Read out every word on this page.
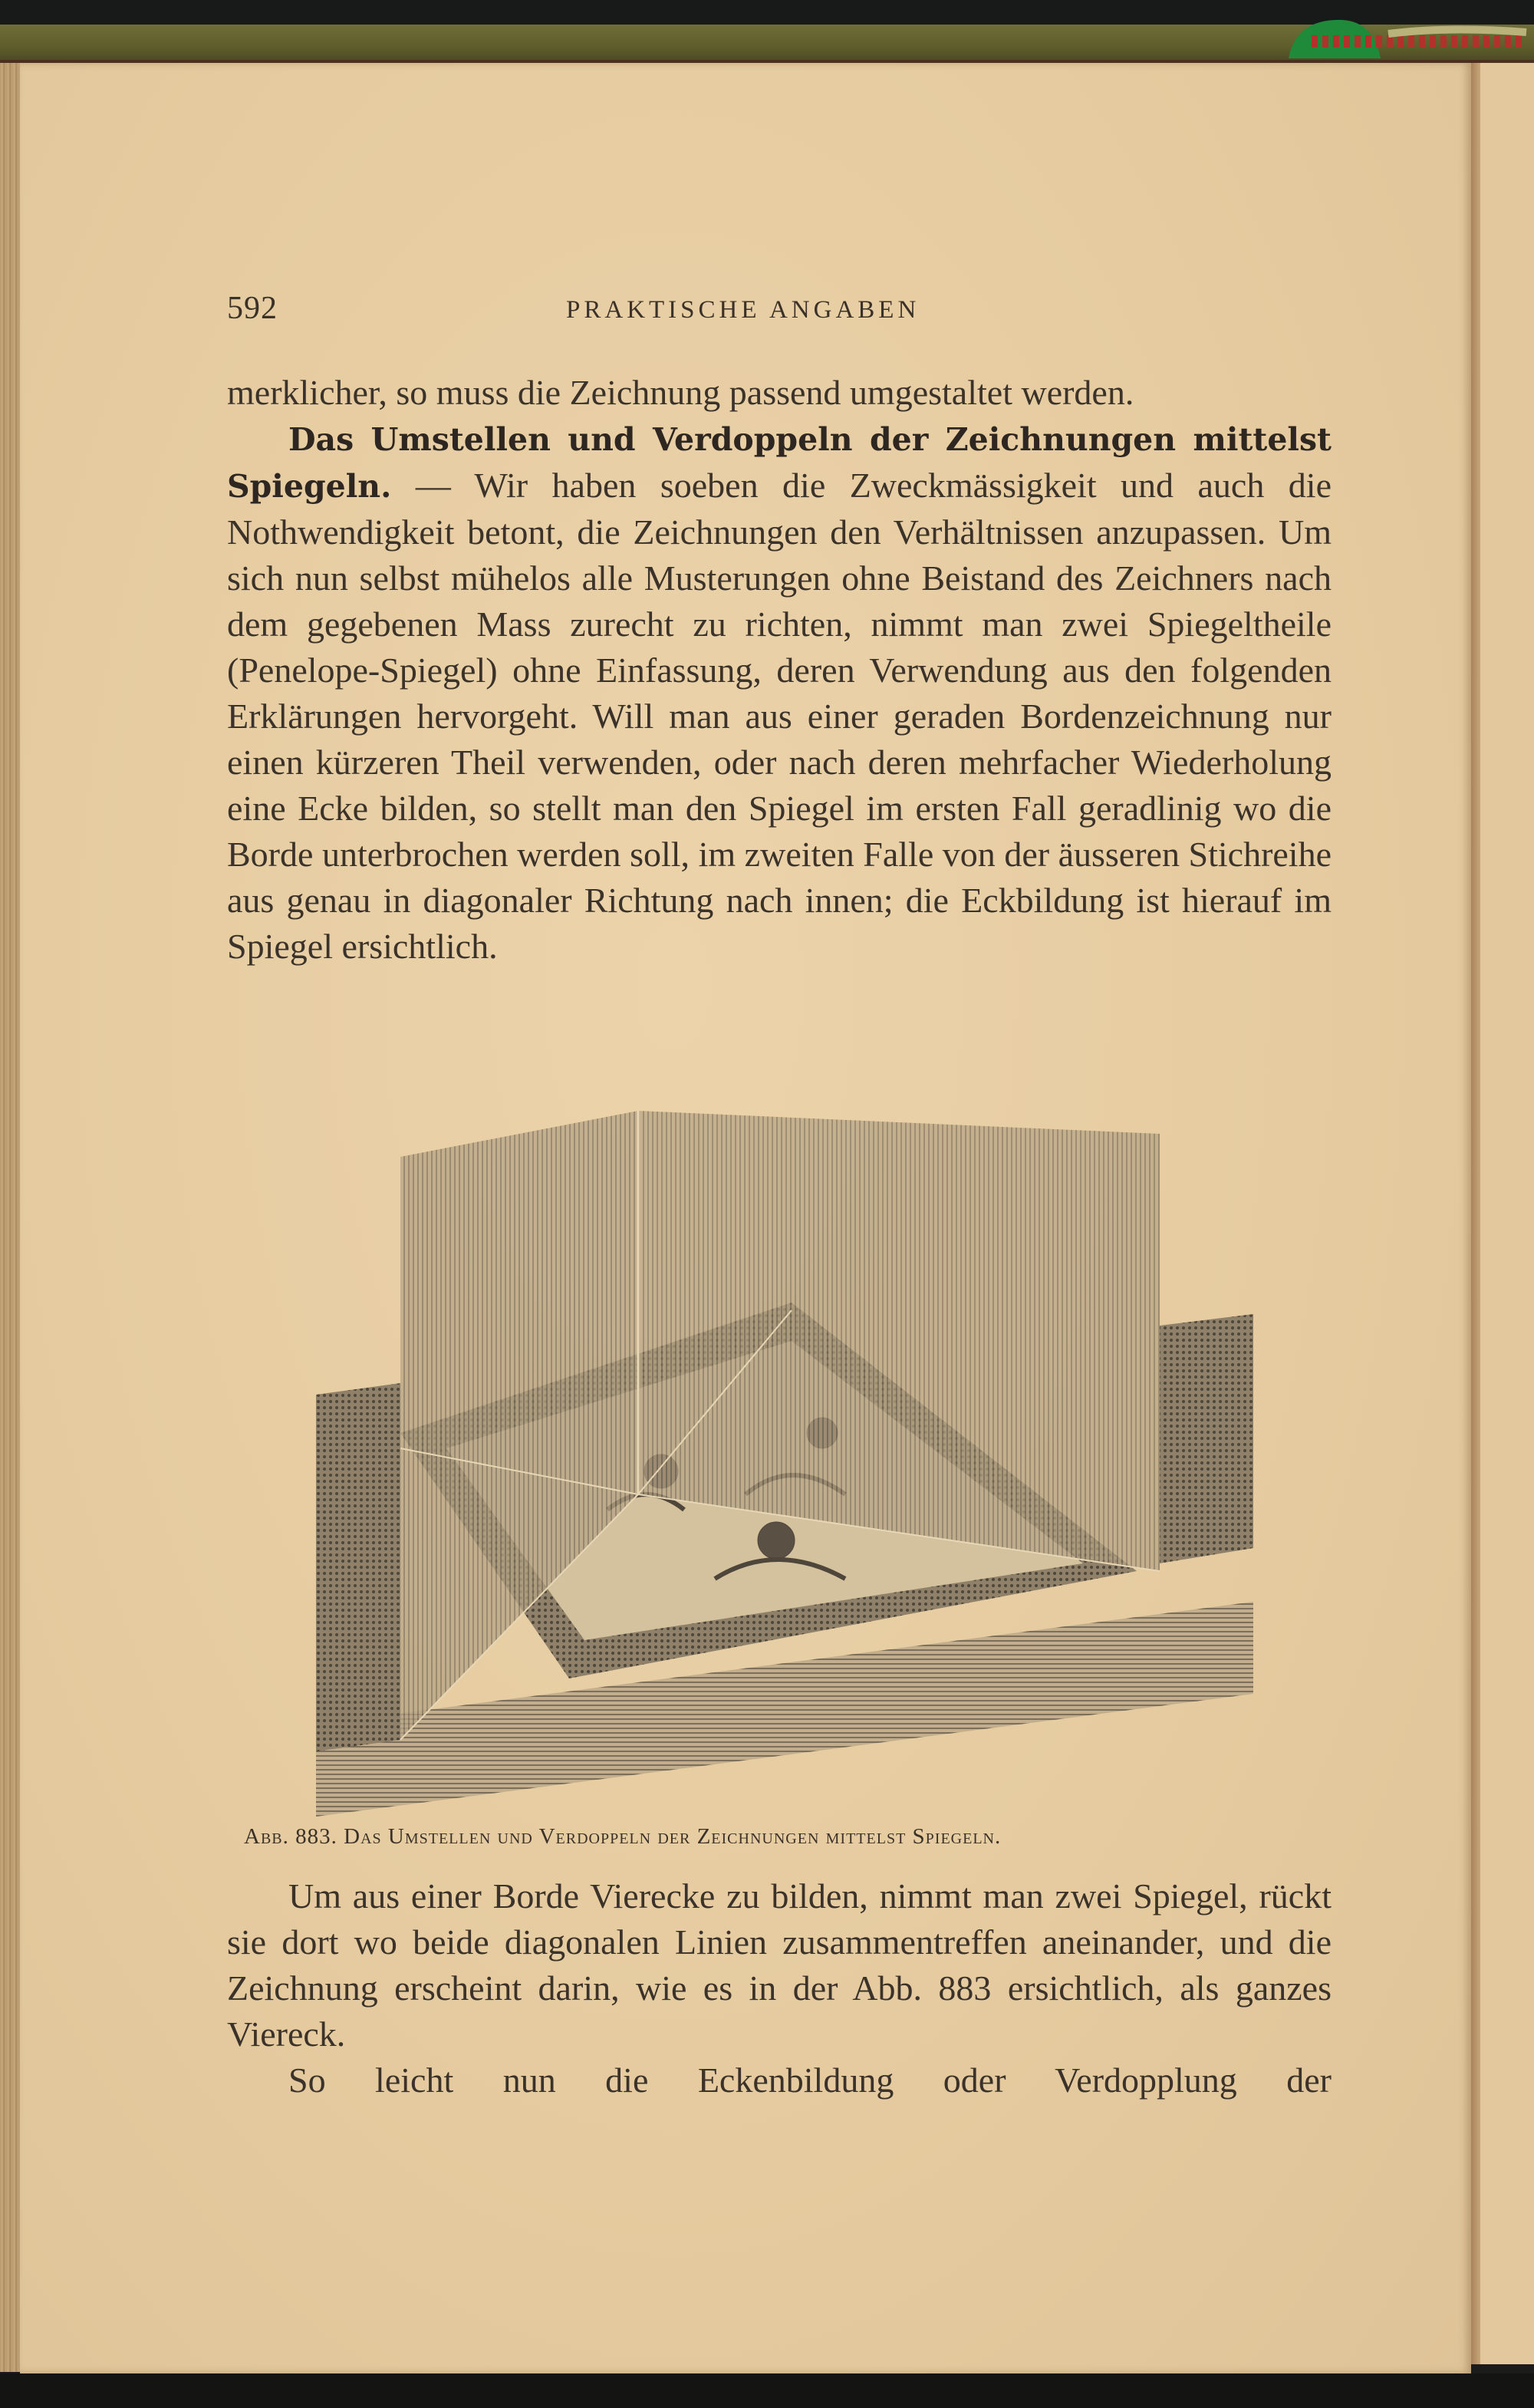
592	PRAKTISCHE ANGABEN

merklicher, so muss die Zeichnung passend umgestaltet werden.

Das Umstellen und Verdoppeln der Zeichnungen mittelst Spiegeln. — Wir haben soeben die Zweckmässigkeit und auch die Nothwendigkeit betont, die Zeichnungen den Verhältnissen anzupassen. Um sich nun selbst mühelos alle Musterungen ohne Beistand des Zeichners nach dem gegebenen Mass zurecht zu richten, nimmt man zwei Spiegeltheile (Penelope-Spiegel) ohne Einfassung, deren Verwendung aus den folgenden Erklärungen hervorgeht. Will man aus einer geraden Bordenzeichnung nur einen kürzeren Theil verwenden, oder nach deren mehrfacher Wiederholung eine Ecke bilden, so stellt man den Spiegel im ersten Fall geradlinig wo die Borde unterbrochen werden soll, im zweiten Falle von der äusseren Stichreihe aus genau in diagonaler Richtung nach innen; die Eckbildung ist hierauf im Spiegel ersichtlich.

Abb. 883. Das Umstellen und Verdoppeln der Zeichnungen mittelst Spiegeln.

Um aus einer Borde Vierecke zu bilden, nimmt man zwei Spiegel, rückt sie dort wo beide diagonalen Linien zusammentreffen aneinander, und die Zeichnung erscheint darin, wie es in der Abb. 883 ersichtlich, als ganzes Viereck.

So leicht nun die Eckenbildung oder Verdopplung der
